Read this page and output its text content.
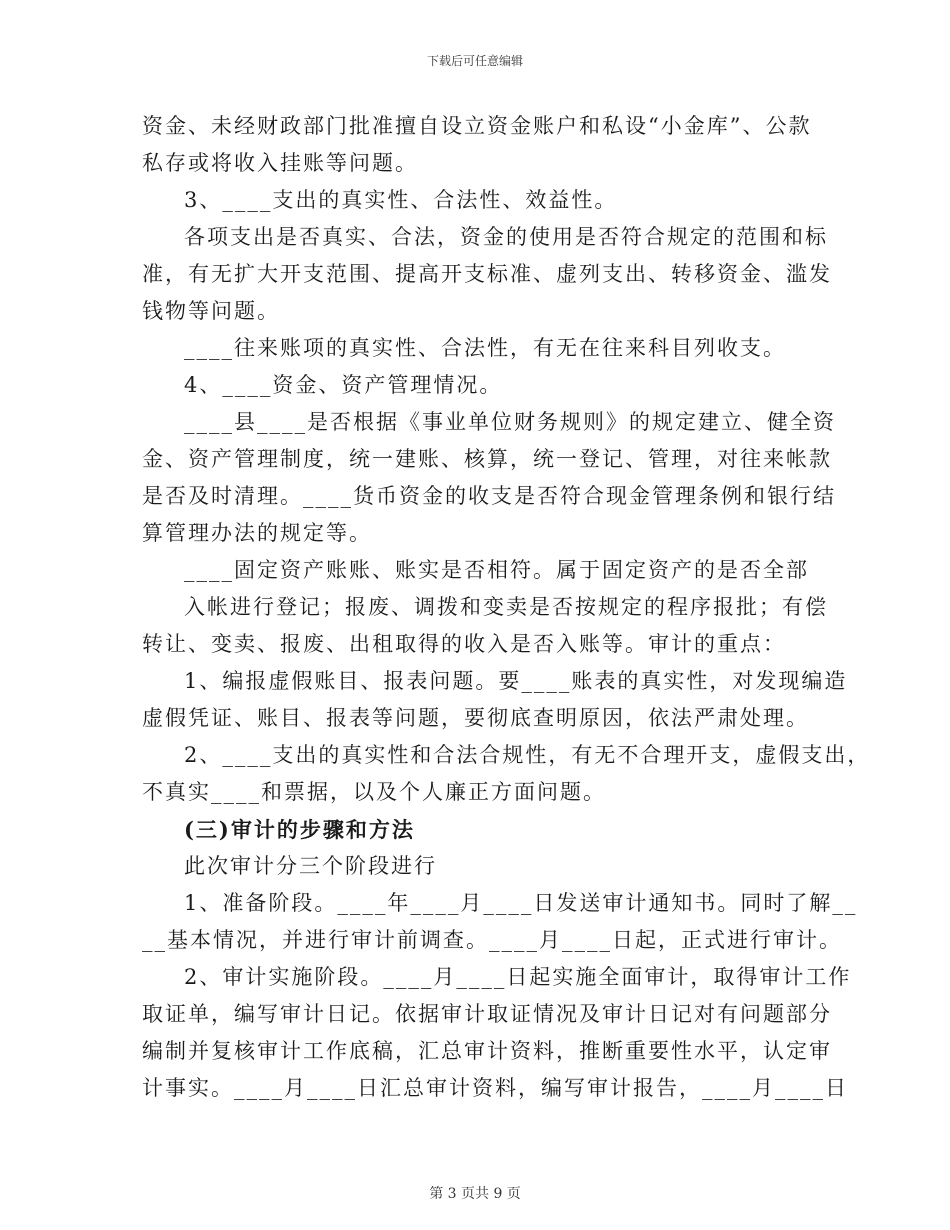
下载后可任意编辑
资金、未经财政部门批准擅自设立资金账户和私设“小金库”、公款
私存或将收入挂账等问题。
3、____支出的真实性、合法性、效益性。
各项支出是否真实、合法，资金的使用是否符合规定的范围和标
准，有无扩大开支范围、提高开支标准、虚列支出、转移资金、滥发
钱物等问题。
____往来账项的真实性、合法性，有无在往来科目列收支。
4、____资金、资产管理情况。
____县____是否根据《事业单位财务规则》的规定建立、健全资
金、资产管理制度，统一建账、核算，统一登记、管理，对往来帐款
是否及时清理。____货币资金的收支是否符合现金管理条例和银行结
算管理办法的规定等。
____固定资产账账、账实是否相符。属于固定资产的是否全部
入帐进行登记；报废、调拨和变卖是否按规定的程序报批；有偿
转让、变卖、报废、出租取得的收入是否入账等。审计的重点：
1、编报虚假账目、报表问题。要____账表的真实性，对发现编造
虚假凭证、账目、报表等问题，要彻底查明原因，依法严肃处理。
2、____支出的真实性和合法合规性，有无不合理开支，虚假支出，
不真实____和票据，以及个人廉正方面问题。
(三)审计的步骤和方法
此次审计分三个阶段进行
1、准备阶段。____年____月____日发送审计通知书。同时了解__
__基本情况，并进行审计前调查。____月____日起，正式进行审计。
2、审计实施阶段。____月____日起实施全面审计，取得审计工作
取证单，编写审计日记。依据审计取证情况及审计日记对有问题部分
编制并复核审计工作底稿，汇总审计资料，推断重要性水平，认定审
计事实。____月____日汇总审计资料，编写审计报告，____月____日
第 3 页共 9 页
